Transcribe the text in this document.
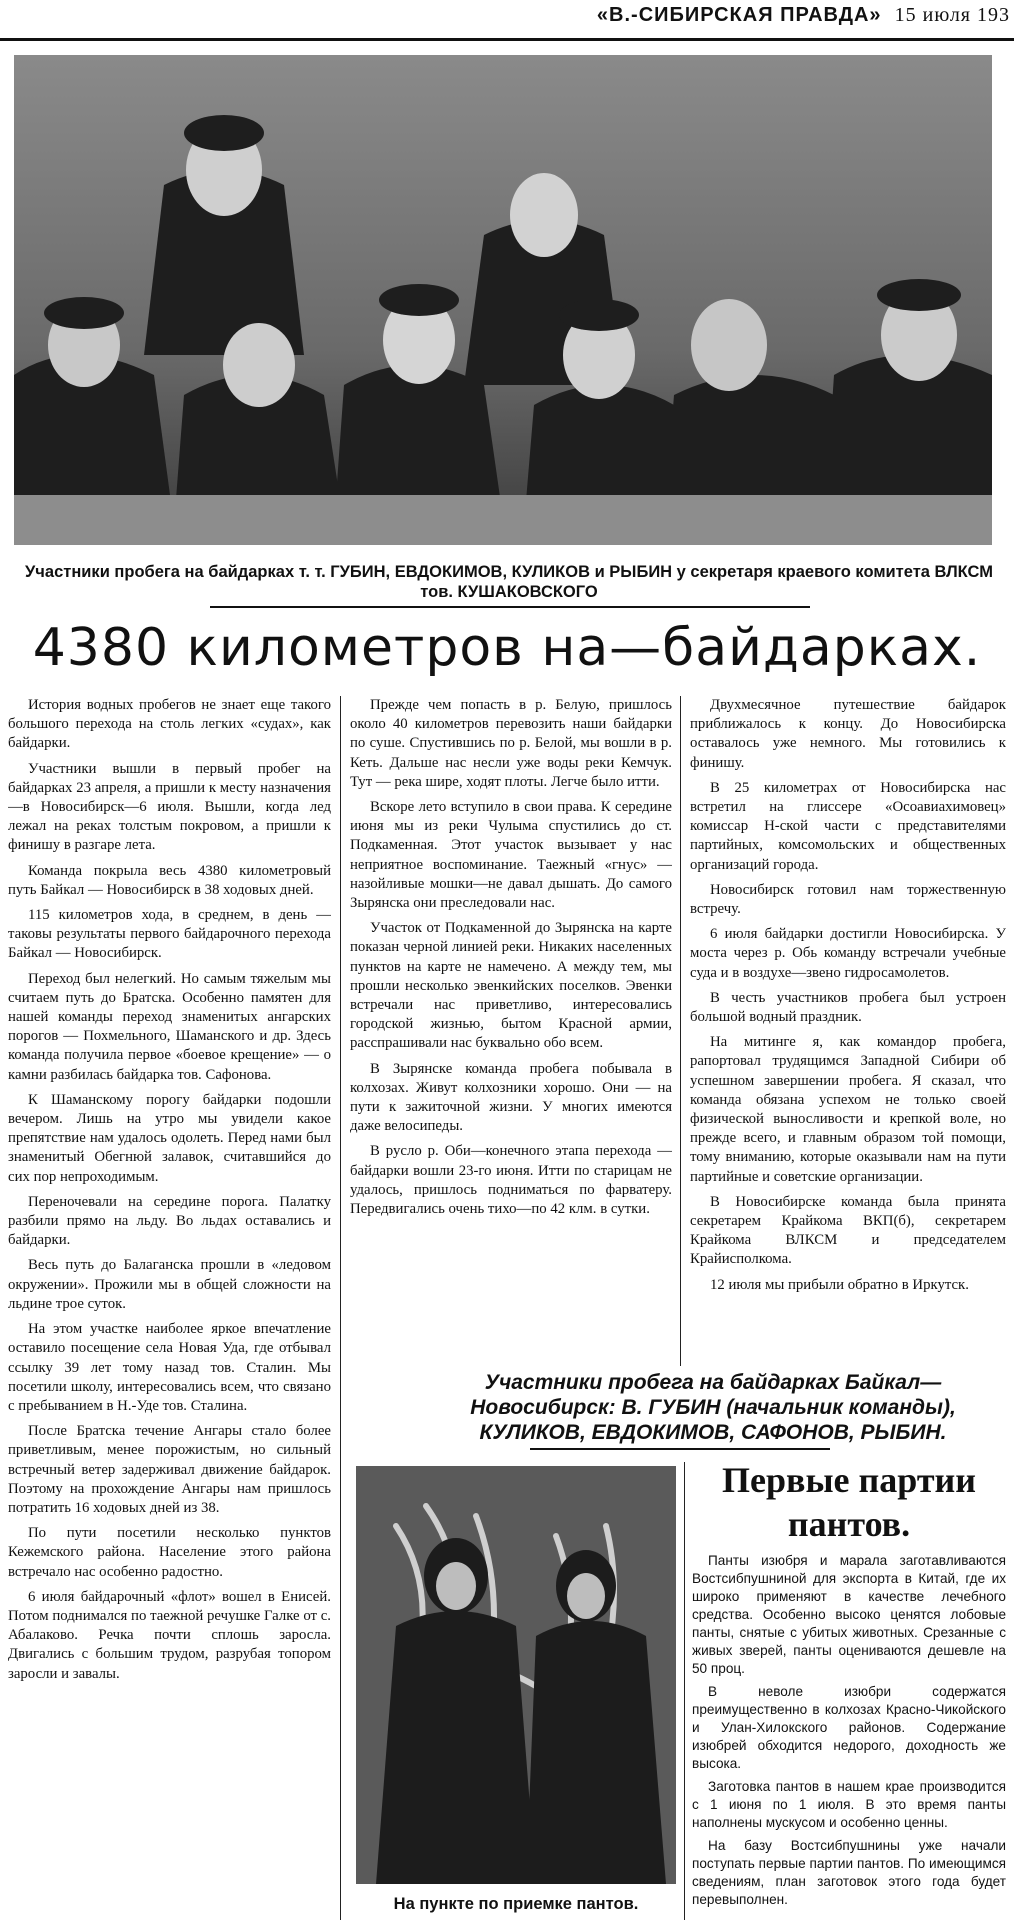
«В.-СИБИРСКАЯ ПРАВДА» 15 июля 193
Участники пробега на байдарках т. т. ГУБИН, ЕВДОКИМОВ, КУЛИКОВ и РЫБИН у секретаря краевого комитета ВЛКСМ тов. КУШАКОВСКОГО
4380 километров на—байдарках.

История водных пробегов не знает еще такого большого перехода на столь легких «судах», как байдарки.

Участники вышли в первый пробег на байдарках 23 апреля, а пришли к месту назначения—в Новосибирск—6 июля. Вышли, когда лед лежал на реках толстым покровом, а пришли к финишу в разгаре лета.

Команда покрыла весь 4380 километровый путь Байкал — Новосибирск в 38 ходовых дней.

115 километров хода, в среднем, в день — таковы результаты первого байдарочного перехода Байкал — Новосибирск.

Переход был нелегкий. Но самым тяжелым мы считаем путь до Братска. Особенно памятен для нашей команды переход знаменитых ангарских порогов — Похмельного, Шаманского и др. Здесь команда получила первое «боевое крещение» — о камни разбилась байдарка тов. Сафонова.

К Шаманскому порогу байдарки подошли вечером. Лишь на утро мы увидели какое препятствие нам удалось одолеть. Перед нами был знаменитый Обегнюй залавок, считавшийся до сих пор непроходимым.

Переночевали на середине порога. Палатку разбили прямо на льду. Во льдах оставались и байдарки.

Весь путь до Балаганска прошли в «ледовом окружении». Прожили мы в общей сложности на льдине трое суток.

На этом участке наиболее яркое впечатление оставило посещение села Новая Уда, где отбывал ссылку 39 лет тому назад тов. Сталин. Мы посетили школу, интересовались всем, что связано с пребыванием в Н.-Уде тов. Сталина.

После Братска течение Ангары стало более приветливым, менее порожистым, но сильный встречный ветер задерживал движение байдарок. Поэтому на прохождение Ангары нам пришлось потратить 16 ходовых дней из 38.

По пути посетили несколько пунктов Кежемского района. Население этого района встречало нас особенно радостно.

6 июля байдарочный «флот» вошел в Енисей. Потом поднимался по таежной речушке Галке от с. Абалаково. Речка почти сплошь заросла. Двигались с большим трудом, разрубая топором заросли и завалы.

Прежде чем попасть в р. Белую, пришлось около 40 километров перевозить наши байдарки по суше. Спустившись по р. Белой, мы вошли в р. Кеть. Дальше нас несли уже воды реки Кемчук. Тут — река шире, ходят плоты. Легче было итти.

Вскоре лето вступило в свои права. К середине июня мы из реки Чулыма спустились до ст. Подкаменная. Этот участок вызывает у нас неприятное воспоминание. Таежный «гнус» — назойливые мошки—не давал дышать. До самого Зырянска они преследовали нас.

Участок от Подкаменной до Зырянска на карте показан черной линией реки. Никаких населенных пунктов на карте не намечено. А между тем, мы прошли несколько эвенкийских поселков. Эвенки встречали нас приветливо, интересовались городской жизнью, бытом Красной армии, расспрашивали нас буквально обо всем.

В Зырянске команда пробега побывала в колхозах. Живут колхозники хорошо. Они — на пути к зажиточной жизни. У многих имеются даже велосипеды.

В русло р. Оби—конечного этапа перехода — байдарки вошли 23-го июня. Итти по старицам не удалось, пришлось подниматься по фарватеру. Передвигались очень тихо—по 42 клм. в сутки.

Двухмесячное путешествие байдарок приближалось к концу. До Новосибирска оставалось уже немного. Мы готовились к финишу.

В 25 километрах от Новосибирска нас встретил на глиссере «Осоавиахимовец» комиссар Н-ской части с представителями партийных, комсомольских и общественных организаций города.

Новосибирск готовил нам торжественную встречу.

6 июля байдарки достигли Новосибирска. У моста через р. Обь команду встречали учебные суда и в воздухе—звено гидросамолетов.

В честь участников пробега был устроен большой водный праздник.

На митинге я, как командор пробега, рапортовал трудящимся Западной Сибири об успешном завершении пробега. Я сказал, что команда обязана успехом не только своей физической выносливости и крепкой воле, но прежде всего, и главным образом той помощи, тому вниманию, которые оказывали нам на пути партийные и советские организации.

В Новосибирске команда была принята секретарем Крайкома ВКП(б), секретарем Крайкома ВЛКСМ и председателем Крайисполкома.

12 июля мы прибыли обратно в Иркутск.

Участники пробега на байдарках Байкал—Новосибирск: В. ГУБИН (начальник команды), КУЛИКОВ, ЕВДОКИМОВ, САФОНОВ, РЫБИН.
На пункте по приемке пантов.
Первые партии пантов.

Панты изюбря и марала заготавливаются Востсибпушниной для экспорта в Китай, где их широко применяют в качестве лечебного средства. Особенно высоко ценятся лобовые панты, снятые с убитых животных. Срезанные с живых зверей, панты оцениваются дешевле на 50 проц.

В неволе изюбри содержатся преимущественно в колхозах Красно-Чикойского и Улан-Хилокского районов. Содержание изюбрей обходится недорого, доходность же высока.

Заготовка пантов в нашем крае производится с 1 июня по 1 июля. В это время панты наполнены мускусом и особенно ценны.

На базу Востсибпушнины уже начали поступать первые партии пантов. По имеющимся сведениям, план заготовок этого года будет перевыполнен.
